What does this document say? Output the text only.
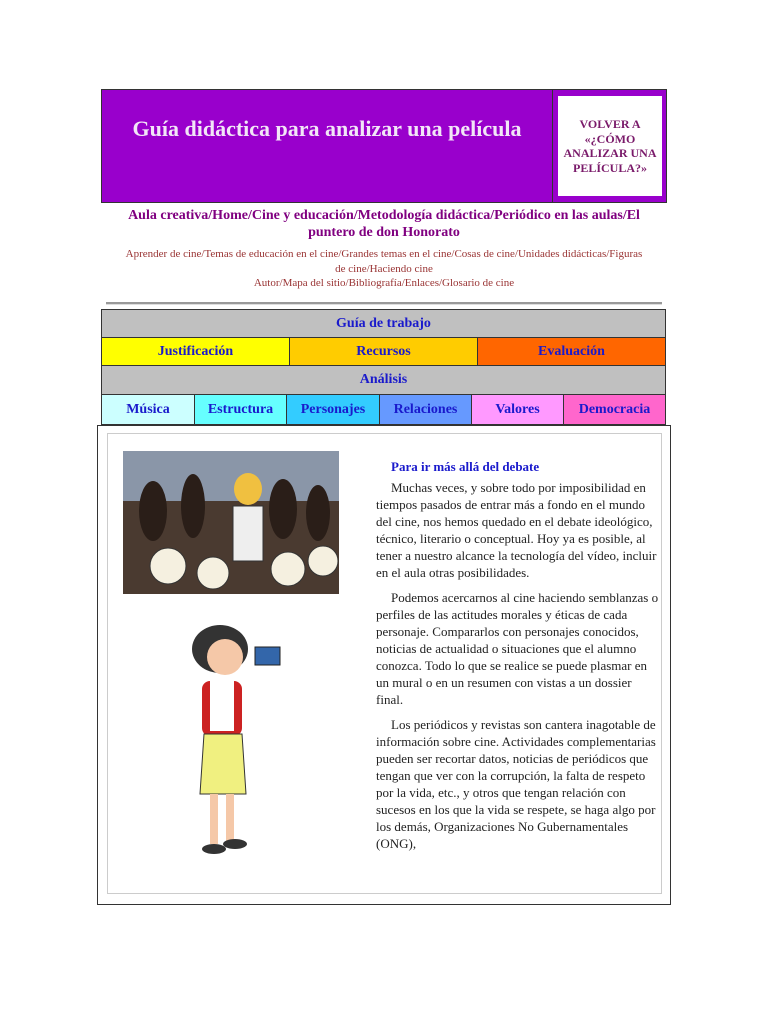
Guía didáctica para analizar una película	VOLVER A «¿CÓMO ANALIZAR UNA PELÍCULA?»
Aula creativa/Home/Cine y educación/Metodología didáctica/Periódico en las aulas/El puntero de don Honorato
Aprender de cine/Temas de educación en el cine/Grandes temas en el cine/Cosas de cine/Unidades didácticas/Figuras de cine/Haciendo cine
Autor/Mapa del sitio/Bibliografía/Enlaces/Glosario de cine
Guía de trabajo
Justificación	Recursos	Evaluación
Análisis
Música	Estructura	Personajes	Relaciones	Valores	Democracia
Para ir más allá del debate

Muchas veces, y sobre todo por imposibilidad en tiempos pasados de entrar más a fondo en el mundo del cine, nos hemos quedado en el debate ideológico, técnico, literario o conceptual. Hoy ya es posible, al tener a nuestro alcance la tecnología del vídeo, incluir en el aula otras posibilidades.

Podemos acercarnos al cine haciendo semblanzas o perfiles de las actitudes morales y éticas de cada personaje. Compararlos con personajes conocidos, noticias de actualidad o situaciones que el alumno conozca. Todo lo que se realice se puede plasmar en un mural o en un resumen con vistas a un dossier final.

Los periódicos y revistas son cantera inagotable de información sobre cine. Actividades complementarias pueden ser recortar datos, noticias de periódicos que tengan que ver con la corrupción, la falta de respeto por la vida, etc., y otros que tengan relación con sucesos en los que la vida se respete, se haga algo por los demás, Organizaciones No Gubernamentales (ONG),
